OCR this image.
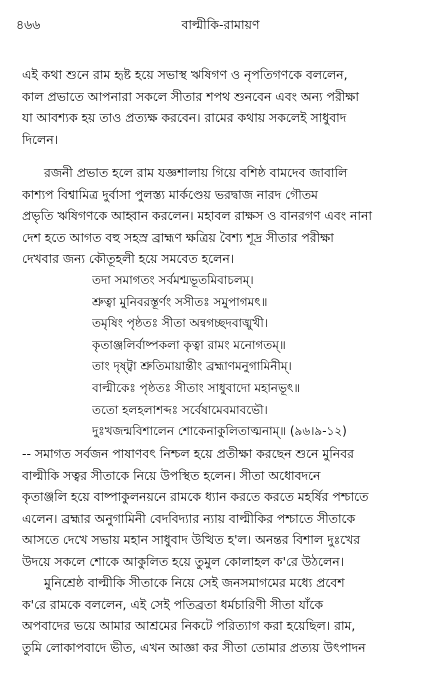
৪৬৬	বাল্মীকি-রামায়ণ
এই কথা শুনে রাম হৃষ্ট হয়ে সভাস্থ ঋষিগণ ও নৃপতিগণকে বললেন,
কাল প্রভাতে আপনারা সকলে সীতার শপথ শুনবেন এবং অন্য পরীক্ষা
যা আবশ্যক হয় তাও প্রত্যক্ষ করবেন। রামের কথায় সকলেই সাধুবাদ
দিলেন।
রজনী প্রভাত হলে রাম যজ্ঞশালায় গিয়ে বশিষ্ঠ বামদেব জাবালি
কাশ্যপ বিশ্বামিত্র দুর্বাসা পুলস্ত্য মার্কণ্ডেয় ভরদ্বাজ নারদ গৌতম
প্রভৃতি ঋষিগণকে আহ্বান করলেন। মহাবল রাক্ষস ও বানরগণ এবং নানা
দেশ হতে আগত বহু সহস্র ব্রাহ্মণ ক্ষত্রিয় বৈশ্য শূদ্র সীতার পরীক্ষা
দেখবার জন্য কৌতূহলী হয়ে সমবেত হলেন।
তদা সমাগতং সর্বমশ্মভূতমিবাচলম্।
শ্রুত্বা মুনিবরস্তূর্ণং সসীতঃ সমুপাগমৎ॥
তমৃষিং পৃষ্ঠতঃ সীতা অন্বগচ্ছদবাঙ্মুখী।
কৃতাঞ্জলির্বাষ্পকলা কৃত্বা রামং মনোগতম্॥
তাং দৃষ্ট্বা শ্রুতিমায়ান্তীং ব্রহ্মাণমনুগামিনীম্।
বাল্মীকেঃ পৃষ্ঠতঃ সীতাং সাধুবাদো মহানভূৎ॥
ততো হলহলাশব্দঃ সর্বেষামেবমাবভৌ।
দুঃখজন্মবিশালেন শোকেনাকুলিতাত্মনাম্॥ (৯৬।৯-১২)
-- সমাগত সর্বজন পাষাণবৎ নিশ্চল হয়ে প্রতীক্ষা করছেন শুনে মুনিবর
বাল্মীকি সত্বর সীতাকে নিয়ে উপস্থিত হলেন। সীতা অধোবদনে
কৃতাঞ্জলি হয়ে বাষ্পাকুলনয়নে রামকে ধ্যান করতে করতে মহর্ষির পশ্চাতে
এলেন। ব্রহ্মার অনুগামিনী বেদবিদ্যার ন্যায় বাল্মীকির পশ্চাতে সীতাকে
আসতে দেখে সভায় মহান সাধুবাদ উত্থিত হ'ল। অনন্তর বিশাল দুঃখের
উদয়ে সকলে শোকে আকুলিত হয়ে তুমুল কোলাহল ক'রে উঠলেন।
মুনিশ্রেষ্ঠ বাল্মীকি সীতাকে নিয়ে সেই জনসমাগমের মধ্যে প্রবেশ
ক'রে রামকে বললেন, এই সেই পতিব্রতা ধর্মচারিণী সীতা যাঁকে
অপবাদের ভয়ে আমার আশ্রমের নিকটে পরিত্যাগ করা হয়েছিল। রাম,
তুমি লোকাপবাদে ভীত, এখন আজ্ঞা কর সীতা তোমার প্রত্যয় উৎপাদন
